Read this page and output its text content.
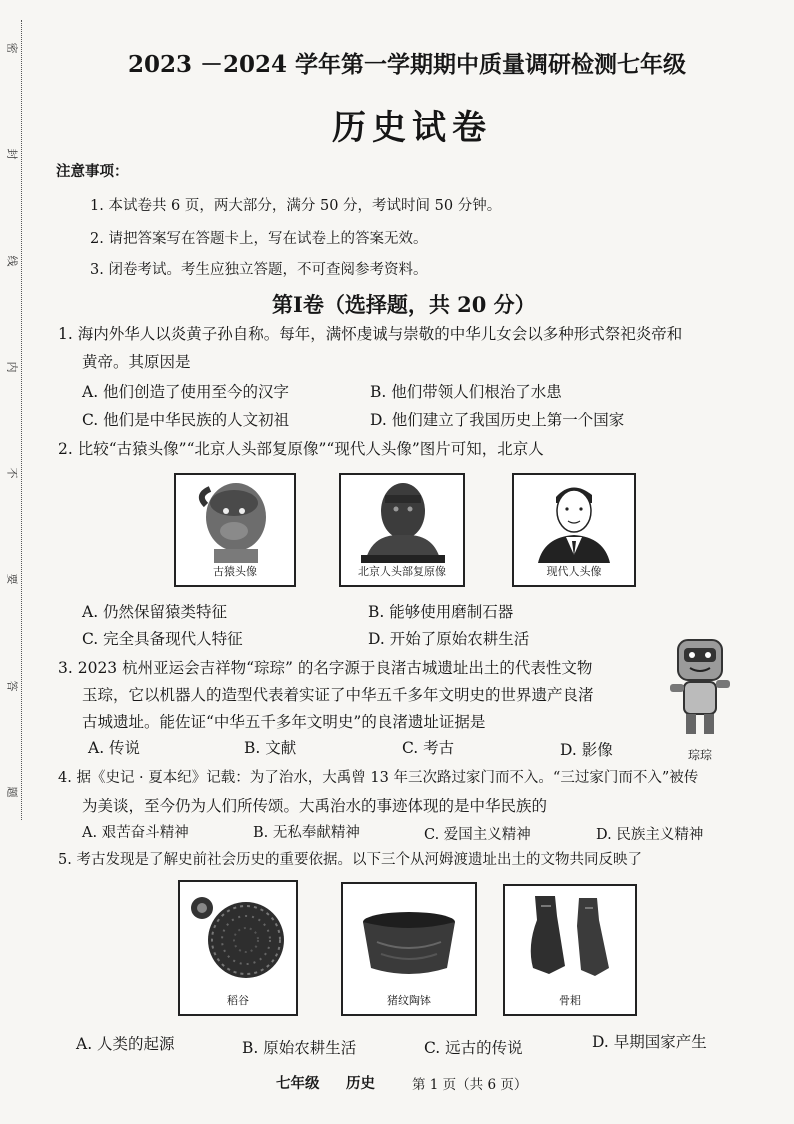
密
封
线
内
不
要
答
题
2023 －2024 学年第一学期期中质量调研检测七年级
历史试卷
注意事项：
1. 本试卷共 6 页，两大部分，满分 50 分，考试时间 50 分钟。
2. 请把答案写在答题卡上，写在试卷上的答案无效。
3. 闭卷考试。考生应独立答题，不可查阅参考资料。
第Ⅰ卷（选择题，共 20 分）
1. 海内外华人以炎黄子孙自称。每年，满怀虔诚与崇敬的中华儿女会以多种形式祭祀炎帝和
黄帝。其原因是
A. 他们创造了使用至今的汉字	B. 他们带领人们根治了水患
C. 他们是中华民族的人文初祖	D. 他们建立了我国历史上第一个国家
2. 比较“古猿头像”“北京人头部复原像”“现代人头像”图片可知，北京人
古猿头像	北京人头部复原像	现代人头像
A. 仍然保留猿类特征	B. 能够使用磨制石器
C. 完全具备现代人特征	D. 开始了原始农耕生活
3. 2023 杭州亚运会吉祥物“琮琮” 的名字源于良渚古城遗址出土的代表性文物
玉琮，它以机器人的造型代表着实证了中华五千多年文明史的世界遗产良渚
古城遗址。能佐证“中华五千多年文明史”的良渚遗址证据是
A. 传说	B. 文献	C. 考古	D. 影像	琮琮
4. 据《史记 · 夏本纪》记载：为了治水，大禹曾 13 年三次路过家门而不入。“三过家门而不入”被传
为美谈，至今仍为人们所传颂。大禹治水的事迹体现的是中华民族的
A. 艰苦奋斗精神	B. 无私奉献精神	C. 爱国主义精神	D. 民族主义精神
5. 考古发现是了解史前社会历史的重要依据。以下三个从河姆渡遗址出土的文物共同反映了
稻谷	猪纹陶钵	骨耜
A. 人类的起源	B. 原始农耕生活	C. 远古的传说	D. 早期国家产生
七年级 历史	第 1 页（共 6 页）
